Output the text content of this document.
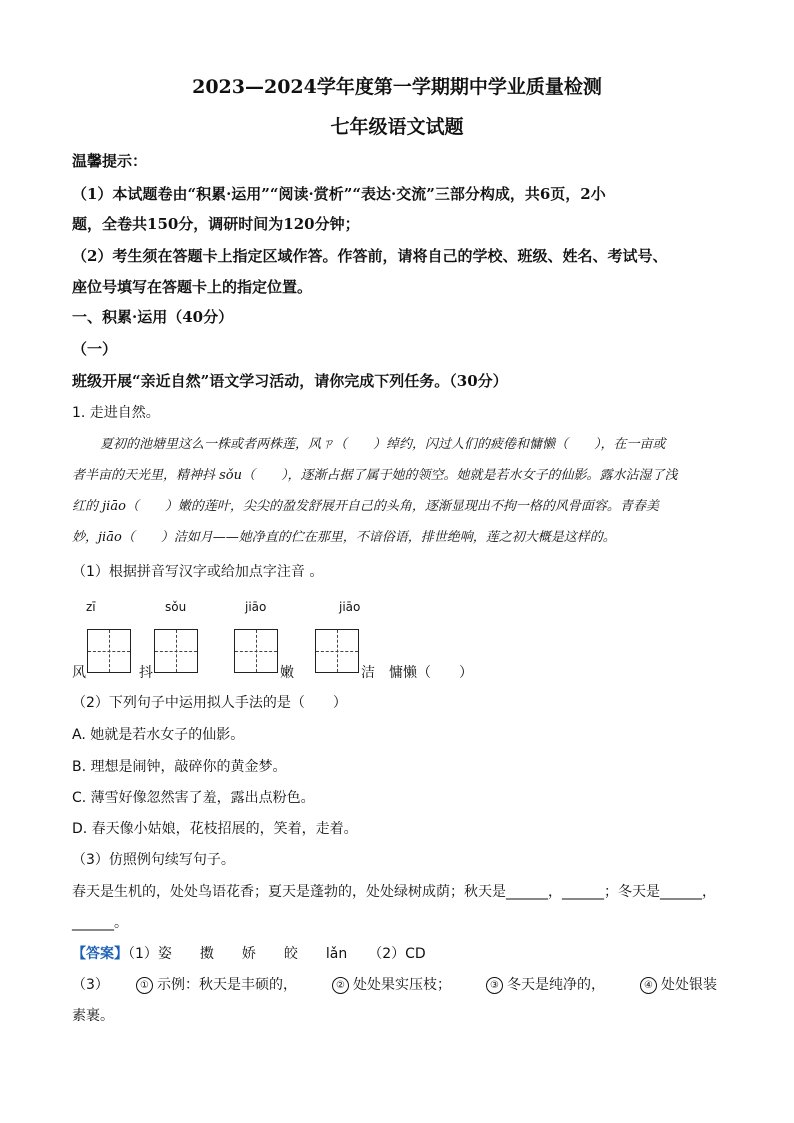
2023—2024学年度第一学期期中学业质量检测
七年级语文试题
温馨提示：
（1）本试题卷由“积累·运用”“阅读·赏析”“表达·交流”三部分构成，共6页，2小
题，全卷共150分，调研时间为120分钟；
（2）考生须在答题卡上指定区域作答。作答前，请将自己的学校、班级、姓名、考试号、
座位号填写在答题卡上的指定位置。
一、积累·运用（40分）
（一）
班级开展“亲近自然”语文学习活动，请你完成下列任务。（30分）
1. 走进自然。
夏初的池塘里这么一株或者两株莲，风ㄗ（　　）绰约，闪过人们的疲倦和慵懒（　　），在一亩或
者半亩的天光里，精神抖 sǒu（　　），逐渐占据了属于她的领空。她就是若水女子的仙影。露水沾湿了浅
红的 jiāo（　　）嫩的莲叶，尖尖的盈发舒展开自己的头角，逐渐显现出不拘一格的风骨面容。青春美
妙，jiāo（　　）洁如月——她净直的伫在那里，不谙俗语，排世绝响，莲之初大概是这样的。
（1）根据拼音写汉字或给加点字注音 。
zī	sǒu	jiāo	jiāo
风	抖	嫩	洁 慵懒（　　）
（2）下列句子中运用拟人手法的是（　　）
A. 她就是若水女子的仙影。
B. 理想是闹钟，敲碎你的黄金梦。
C. 薄雪好像忽然害了羞，露出点粉色。
D. 春天像小姑娘，花枝招展的，笑着，走着。
（3）仿照例句续写句子。
春天是生机的，处处鸟语花香；夏天是蓬勃的，处处绿树成荫；秋天是______，______；冬天是______，
______。
【答案】（1）姿　　擞　　娇　　皎　　lǎn　　（2）CD
（3）	① 示例：秋天是丰硕的，	② 处处果实压枝；	③ 冬天是纯净的，	④ 处处银装
素裹。
